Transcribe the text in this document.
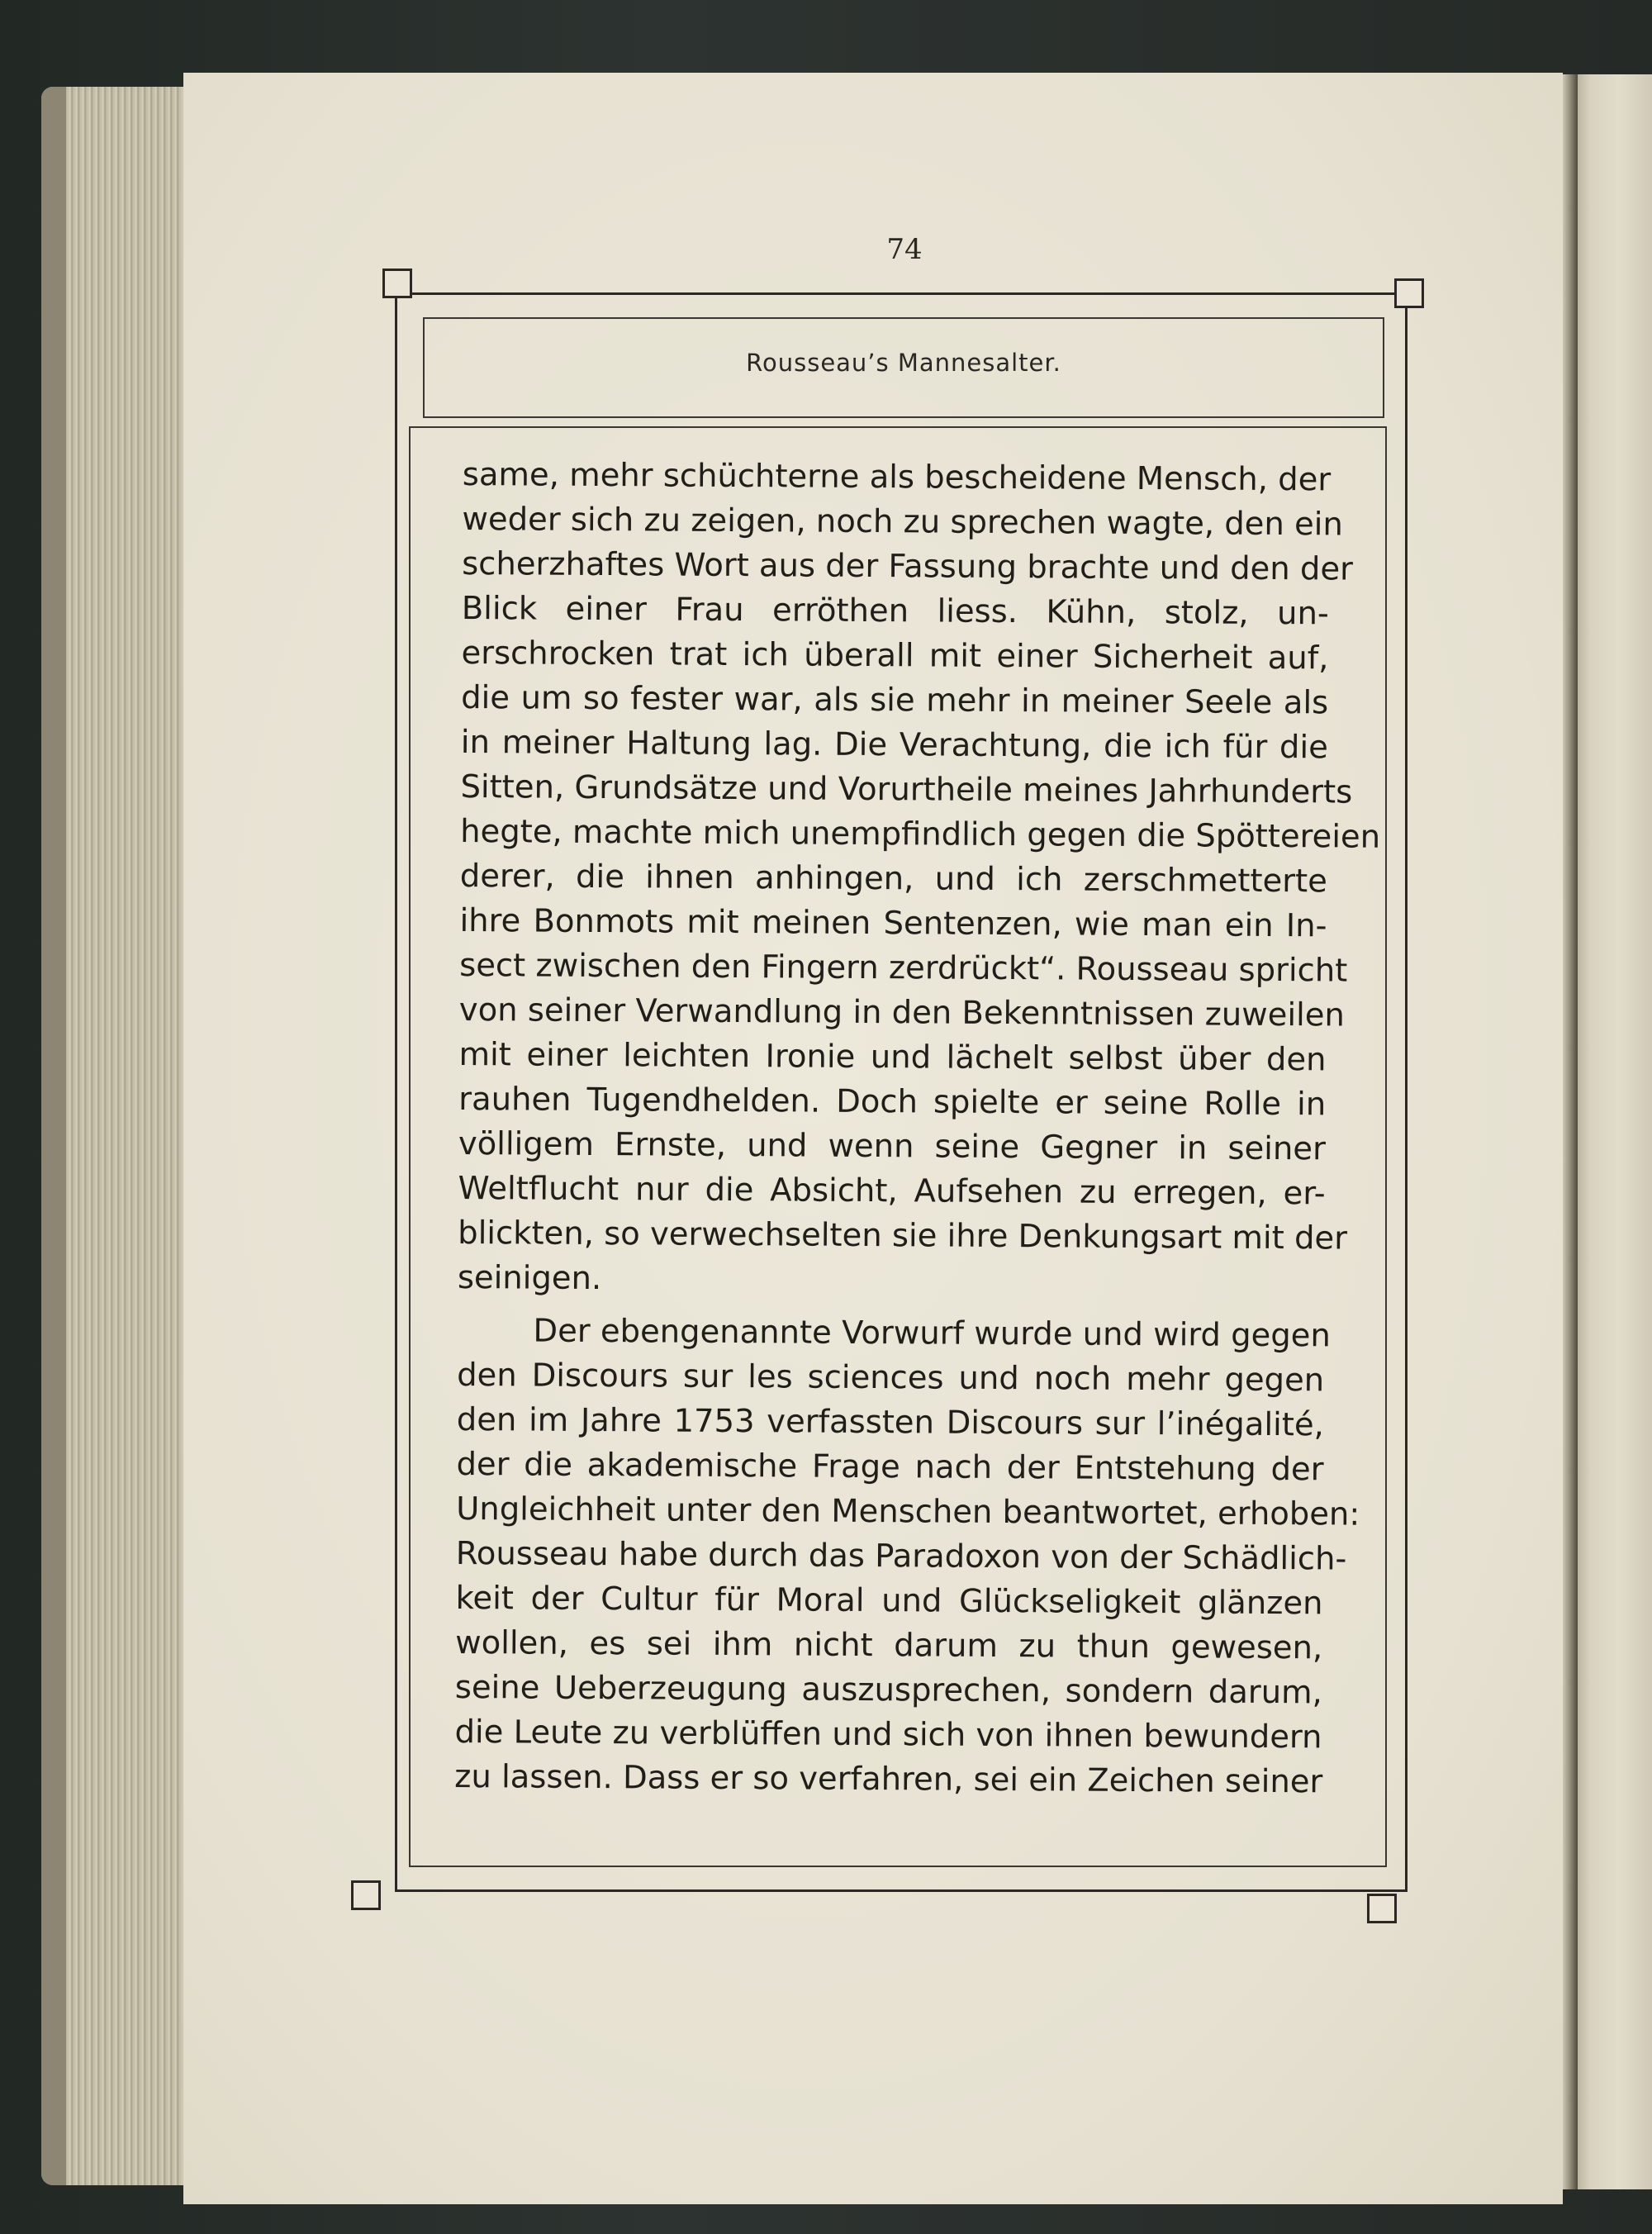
74
Rousseau’s Mannesalter.
same, mehr schüchterne als bescheidene Mensch, der
weder sich zu zeigen, noch zu sprechen wagte, den ein
scherzhaftes Wort aus der Fassung brachte und den der
Blick einer Frau erröthen liess. Kühn, stolz, un-
erschrocken trat ich überall mit einer Sicherheit auf,
die um so fester war, als sie mehr in meiner Seele als
in meiner Haltung lag. Die Verachtung, die ich für die
Sitten, Grundsätze und Vorurtheile meines Jahrhunderts
hegte, machte mich unempfindlich gegen die Spöttereien
derer, die ihnen anhingen, und ich zerschmetterte
ihre Bonmots mit meinen Sentenzen, wie man ein In-
sect zwischen den Fingern zerdrückt“. Rousseau spricht
von seiner Verwandlung in den Bekenntnissen zuweilen
mit einer leichten Ironie und lächelt selbst über den
rauhen Tugendhelden. Doch spielte er seine Rolle in
völligem Ernste, und wenn seine Gegner in seiner
Weltflucht nur die Absicht, Aufsehen zu erregen, er-
blickten, so verwechselten sie ihre Denkungsart mit der
seinigen.
Der ebengenannte Vorwurf wurde und wird gegen
den Discours sur les sciences und noch mehr gegen
den im Jahre 1753 verfassten Discours sur l’inégalité,
der die akademische Frage nach der Entstehung der
Ungleichheit unter den Menschen beantwortet, erhoben:
Rousseau habe durch das Paradoxon von der Schädlich-
keit der Cultur für Moral und Glückseligkeit glänzen
wollen, es sei ihm nicht darum zu thun gewesen,
seine Ueberzeugung auszusprechen, sondern darum,
die Leute zu verblüffen und sich von ihnen bewundern
zu lassen. Dass er so verfahren, sei ein Zeichen seiner
